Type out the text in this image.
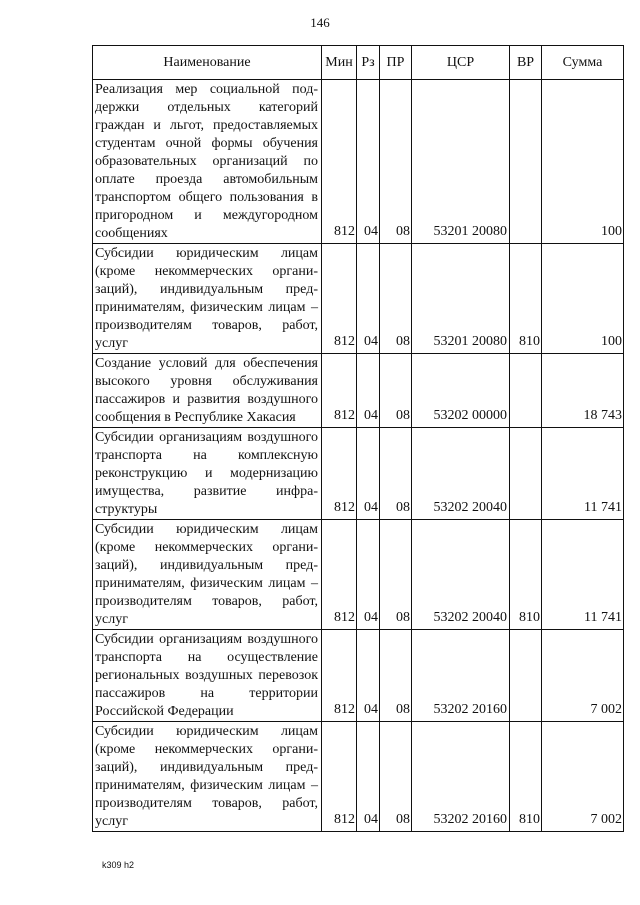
146
Наименование	Мин	Рз	ПР	ЦСР	ВР	Сумма
Реализация мер социальной поддержки отдельных категорий граждан и льгот, предоставляемых студентам очной формы обучения образовательных организаций по оплате проезда автомобильным транспортом общего пользования в пригородном и междугородном сообщениях	812	04	08	53201 20080		100
Субсидии юридическим лицам (кроме некоммерческих организаций), индивидуальным предпринимателям, физическим лицам – производителям товаров, работ, услуг	812	04	08	53201 20080	810	100
Создание условий для обеспечения высокого уровня обслуживания пассажиров и развития воздушного сообщения в Республике Хакасия	812	04	08	53202 00000		18 743
Субсидии организациям воздушного транспорта на комплексную реконструкцию и модернизацию имущества, развитие инфраструктуры	812	04	08	53202 20040		11 741
Субсидии юридическим лицам (кроме некоммерческих организаций), индивидуальным предпринимателям, физическим лицам – производителям товаров, работ, услуг	812	04	08	53202 20040	810	11 741
Субсидии организациям воздушного транспорта на осуществление региональных воздушных перевозок пассажиров на территории Российской Федерации	812	04	08	53202 20160		7 002
Субсидии юридическим лицам (кроме некоммерческих организаций), индивидуальным предпринимателям, физическим лицам – производителям товаров, работ, услуг	812	04	08	53202 20160	810	7 002
k309 h2
